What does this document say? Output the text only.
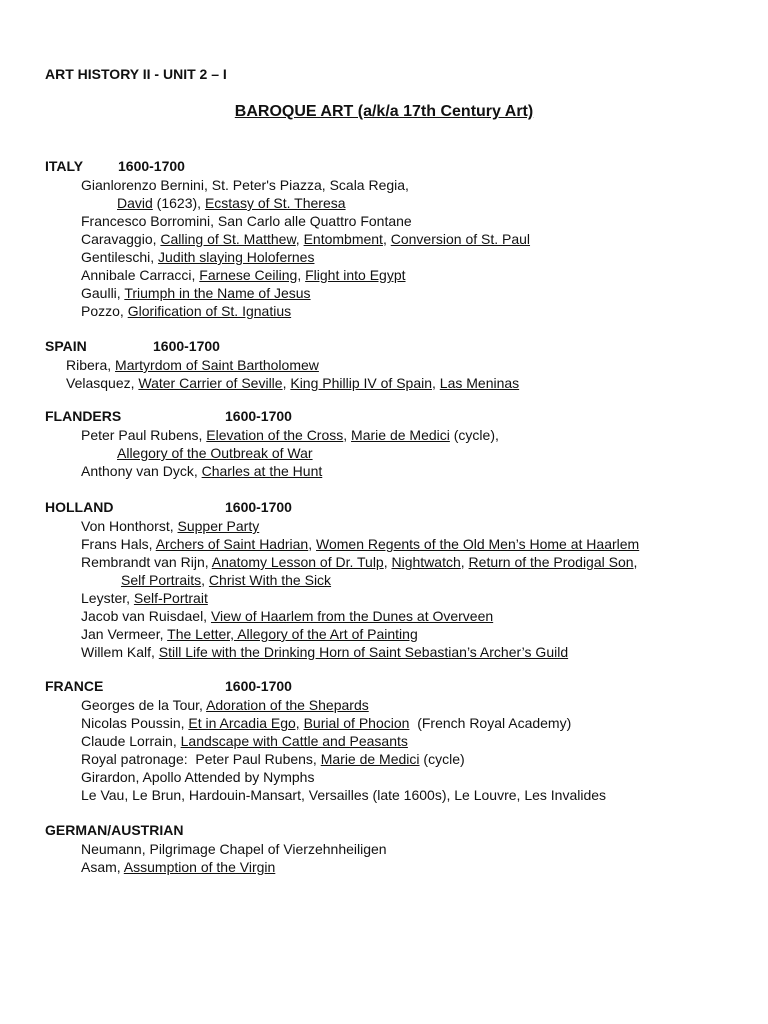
ART HISTORY II - UNIT 2 – I
BAROQUE ART (a/k/a 17th Century Art)
ITALY 1600-1700
Gianlorenzo Bernini, St. Peter's Piazza, Scala Regia,
David (1623), Ecstasy of St. Theresa
Francesco Borromini, San Carlo alle Quattro Fontane
Caravaggio, Calling of St. Matthew, Entombment, Conversion of St. Paul
Gentileschi, Judith slaying Holofernes
Annibale Carracci, Farnese Ceiling, Flight into Egypt
Gaulli, Triumph in the Name of Jesus
Pozzo, Glorification of St. Ignatius
SPAIN	1600-1700
Ribera, Martyrdom of Saint Bartholomew
Velasquez, Water Carrier of Seville, King Phillip IV of Spain, Las Meninas
FLANDERS	1600-1700
Peter Paul Rubens, Elevation of the Cross, Marie de Medici (cycle),
Allegory of the Outbreak of War
Anthony van Dyck, Charles at the Hunt
HOLLAND	1600-1700
Von Honthorst, Supper Party
Frans Hals, Archers of Saint Hadrian, Women Regents of the Old Men’s Home at Haarlem
Rembrandt van Rijn, Anatomy Lesson of Dr. Tulp, Nightwatch, Return of the Prodigal Son,
Self Portraits, Christ With the Sick
Leyster, Self-Portrait
Jacob van Ruisdael, View of Haarlem from the Dunes at Overveen
Jan Vermeer, The Letter, Allegory of the Art of Painting
Willem Kalf, Still Life with the Drinking Horn of Saint Sebastian’s Archer’s Guild
FRANCE	1600-1700
Georges de la Tour, Adoration of the Shepards
Nicolas Poussin, Et in Arcadia Ego, Burial of Phocion  (French Royal Academy)
Claude Lorrain, Landscape with Cattle and Peasants
Royal patronage:  Peter Paul Rubens, Marie de Medici (cycle)
Girardon, Apollo Attended by Nymphs
Le Vau, Le Brun, Hardouin-Mansart, Versailles (late 1600s), Le Louvre, Les Invalides
GERMAN/AUSTRIAN
Neumann, Pilgrimage Chapel of Vierzehnheiligen
Asam, Assumption of the Virgin
